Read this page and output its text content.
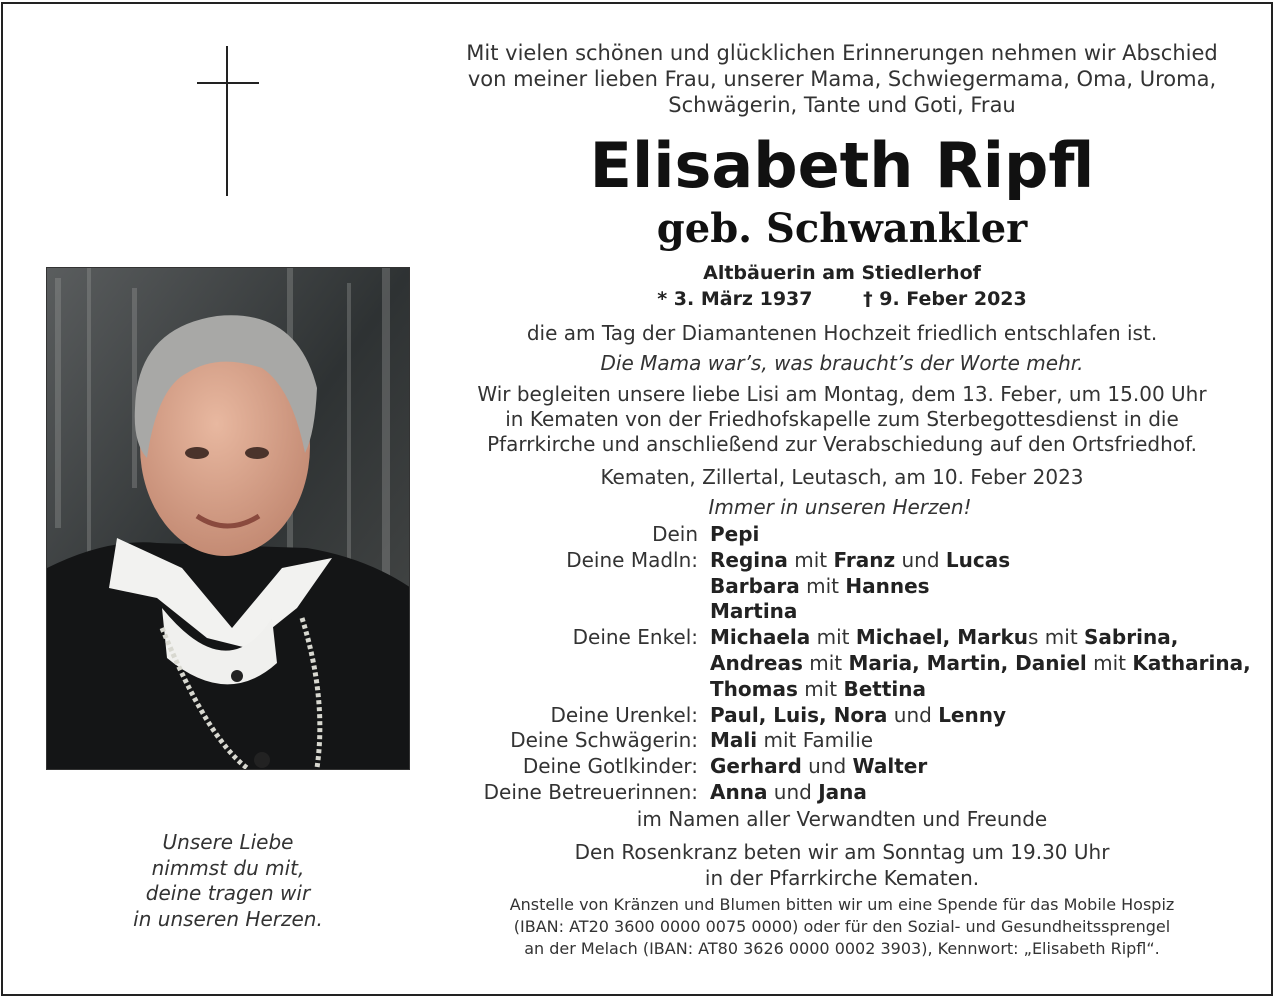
Unsere Liebe
nimmst du mit,
deine tragen wir
in unseren Herzen.
Mit vielen schönen und glücklichen Erinnerungen nehmen wir Abschied
von meiner lieben Frau, unserer Mama, Schwiegermama, Oma, Uroma,
Schwägerin, Tante und Goti, Frau
Elisabeth Ripfl
geb. Schwankler
Altbäuerin am Stiedlerhof
* 3. März 1937	† 9. Feber 2023
die am Tag der Diamantenen Hochzeit friedlich entschlafen ist.
Die Mama war’s, was braucht’s der Worte mehr.
Wir begleiten unsere liebe Lisi am Montag, dem 13. Feber, um 15.00 Uhr
in Kematen von der Friedhofskapelle zum Sterbegottesdienst in die
Pfarrkirche und anschließend zur Verabschiedung auf den Ortsfriedhof.
Kematen, Zillertal, Leutasch, am 10. Feber 2023
Immer in unseren Herzen!
Dein Pepi
Deine Madln: Regina mit Franz und Lucas
Barbara mit Hannes
Martina
Deine Enkel: Michaela mit Michael, Markus mit Sabrina,
Andreas mit Maria, Martin, Daniel mit Katharina,
Thomas mit Bettina
Deine Urenkel: Paul, Luis, Nora und Lenny
Deine Schwägerin: Mali mit Familie
Deine Gotlkinder: Gerhard und Walter
Deine Betreuerinnen: Anna und Jana
im Namen aller Verwandten und Freunde
Den Rosenkranz beten wir am Sonntag um 19.30 Uhr
in der Pfarrkirche Kematen.
Anstelle von Kränzen und Blumen bitten wir um eine Spende für das Mobile Hospiz
(IBAN: AT20 3600 0000 0075 0000) oder für den Sozial- und Gesundheitssprengel
an der Melach (IBAN: AT80 3626 0000 0002 3903), Kennwort: „Elisabeth Ripfl“.
